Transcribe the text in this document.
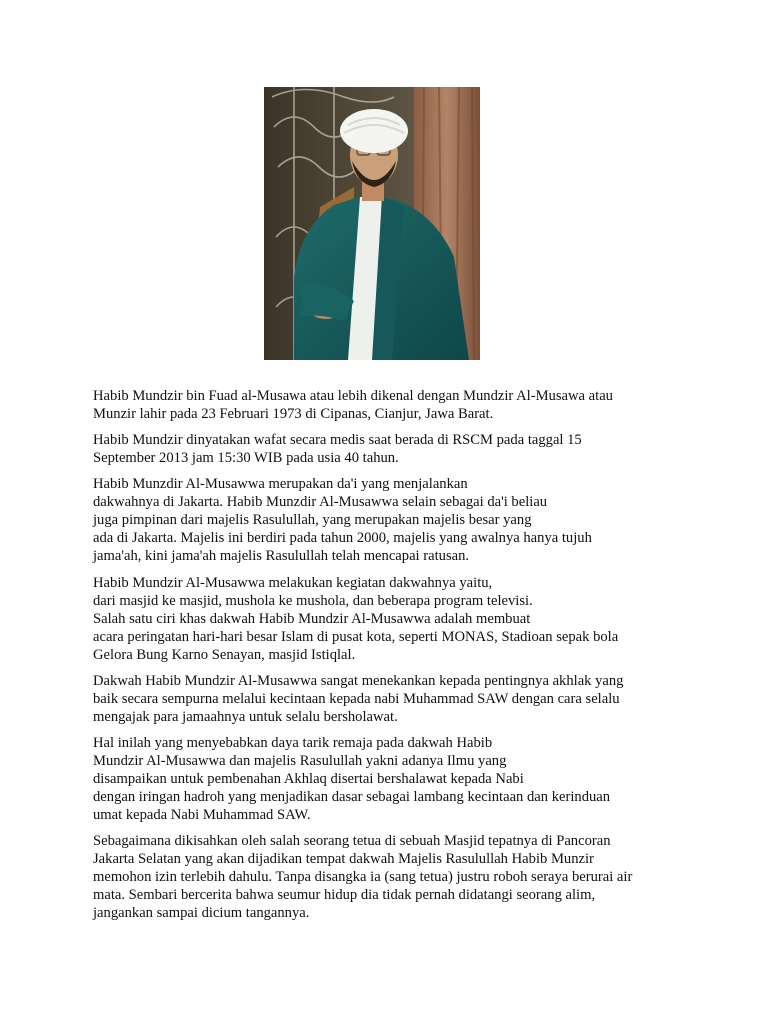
Habib Mundzir bin Fuad al-Musawa atau lebih dikenal dengan Mundzir Al-Musawa atau
Munzir lahir pada 23 Februari 1973 di Cipanas, Cianjur, Jawa Barat.

Habib Mundzir dinyatakan wafat secara medis saat berada di RSCM pada taggal 15
September 2013 jam 15:30 WIB pada usia 40 tahun.

Habib Munzdir Al-Musawwa merupakan da'i yang menjalankan
dakwahnya di Jakarta. Habib Munzdir Al-Musawwa selain sebagai da'i beliau
juga pimpinan dari majelis Rasulullah, yang merupakan majelis besar yang
ada di Jakarta. Majelis ini berdiri pada tahun 2000, majelis yang awalnya hanya tujuh
jama'ah, kini jama'ah majelis Rasulullah telah mencapai ratusan.

Habib Mundzir Al-Musawwa melakukan kegiatan dakwahnya yaitu,
dari masjid ke masjid, mushola ke mushola, dan beberapa program televisi.
Salah satu ciri khas dakwah Habib Mundzir Al-Musawwa adalah membuat
acara peringatan hari-hari besar Islam di pusat kota, seperti MONAS, Stadioan sepak bola
Gelora Bung Karno Senayan, masjid Istiqlal.

Dakwah Habib Mundzir Al-Musawwa sangat menekankan kepada pentingnya akhlak yang
baik secara sempurna melalui kecintaan kepada nabi Muhammad SAW dengan cara selalu
mengajak para jamaahnya untuk selalu bersholawat.

Hal inilah yang menyebabkan daya tarik remaja pada dakwah Habib
Mundzir Al-Musawwa dan majelis Rasulullah yakni adanya Ilmu yang
disampaikan untuk pembenahan Akhlaq disertai bershalawat kepada Nabi
dengan iringan hadroh yang menjadikan dasar sebagai lambang kecintaan dan kerinduan
umat kepada Nabi Muhammad SAW.

Sebagaimana dikisahkan oleh salah seorang tetua di sebuah Masjid tepatnya di Pancoran
Jakarta Selatan yang akan dijadikan tempat dakwah Majelis Rasulullah Habib Munzir
memohon izin terlebih dahulu. Tanpa disangka ia (sang tetua) justru roboh seraya berurai air
mata. Sembari bercerita bahwa seumur hidup dia tidak pernah didatangi seorang alim,
jangankan sampai dicium tangannya.
